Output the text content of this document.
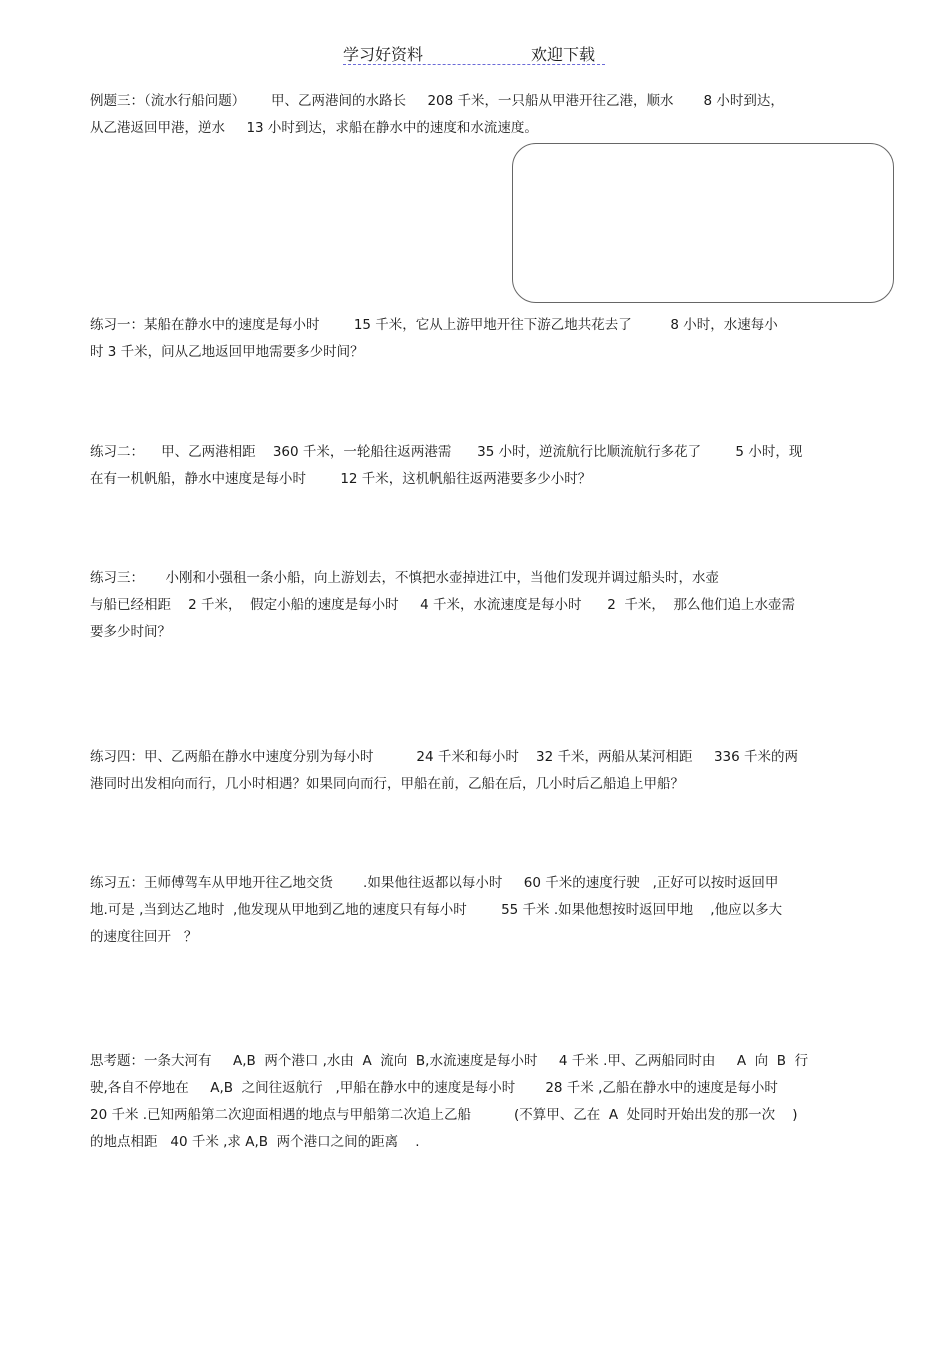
学习好资料	欢迎下载
例题三：（流水行船问题）      甲、乙两港间的水路长     208 千米，一只船从甲港开往乙港，顺水       8 小时到达，
从乙港返回甲港，逆水     13 小时到达，求船在静水中的速度和水流速度。
练习一：某船在静水中的速度是每小时        15 千米，它从上游甲地开往下游乙地共花去了         8 小时，水速每小
时 3 千米，问从乙地返回甲地需要多少时间？
练习二：    甲、乙两港相距    360 千米，一轮船往返两港需      35 小时，逆流航行比顺流航行多花了        5 小时，现
在有一机帆船，静水中速度是每小时        12 千米，这机帆船往返两港要多少小时？
练习三：     小刚和小强租一条小船，向上游划去，不慎把水壶掉进江中，当他们发现并调过船头时，水壶
与船已经相距    2 千米，  假定小船的速度是每小时     4 千米，水流速度是每小时      2  千米，  那么他们追上水壶需
要多少时间？
练习四：甲、乙两船在静水中速度分别为每小时          24 千米和每小时    32 千米，两船从某河相距     336 千米的两
港同时出发相向而行，几小时相遇？如果同向而行，甲船在前，乙船在后，几小时后乙船追上甲船？
练习五：王师傅驾车从甲地开往乙地交货       .如果他往返都以每小时     60 千米的速度行驶   ,正好可以按时返回甲
地.可是 ,当到达乙地时  ,他发现从甲地到乙地的速度只有每小时        55 千米 .如果他想按时返回甲地    ,他应以多大
的速度往回开   ？
思考题：一条大河有     A,B  两个港口 ,水由  A  流向  B,水流速度是每小时     4 千米 .甲、乙两船同时由     A  向  B  行
驶,各自不停地在     A,B  之间往返航行   ,甲船在静水中的速度是每小时       28 千米 ,乙船在静水中的速度是每小时
20 千米 .已知两船第二次迎面相遇的地点与甲船第二次追上乙船          (不算甲、乙在  A  处同时开始出发的那一次    )
的地点相距   40 千米 ,求 A,B  两个港口之间的距离    .
